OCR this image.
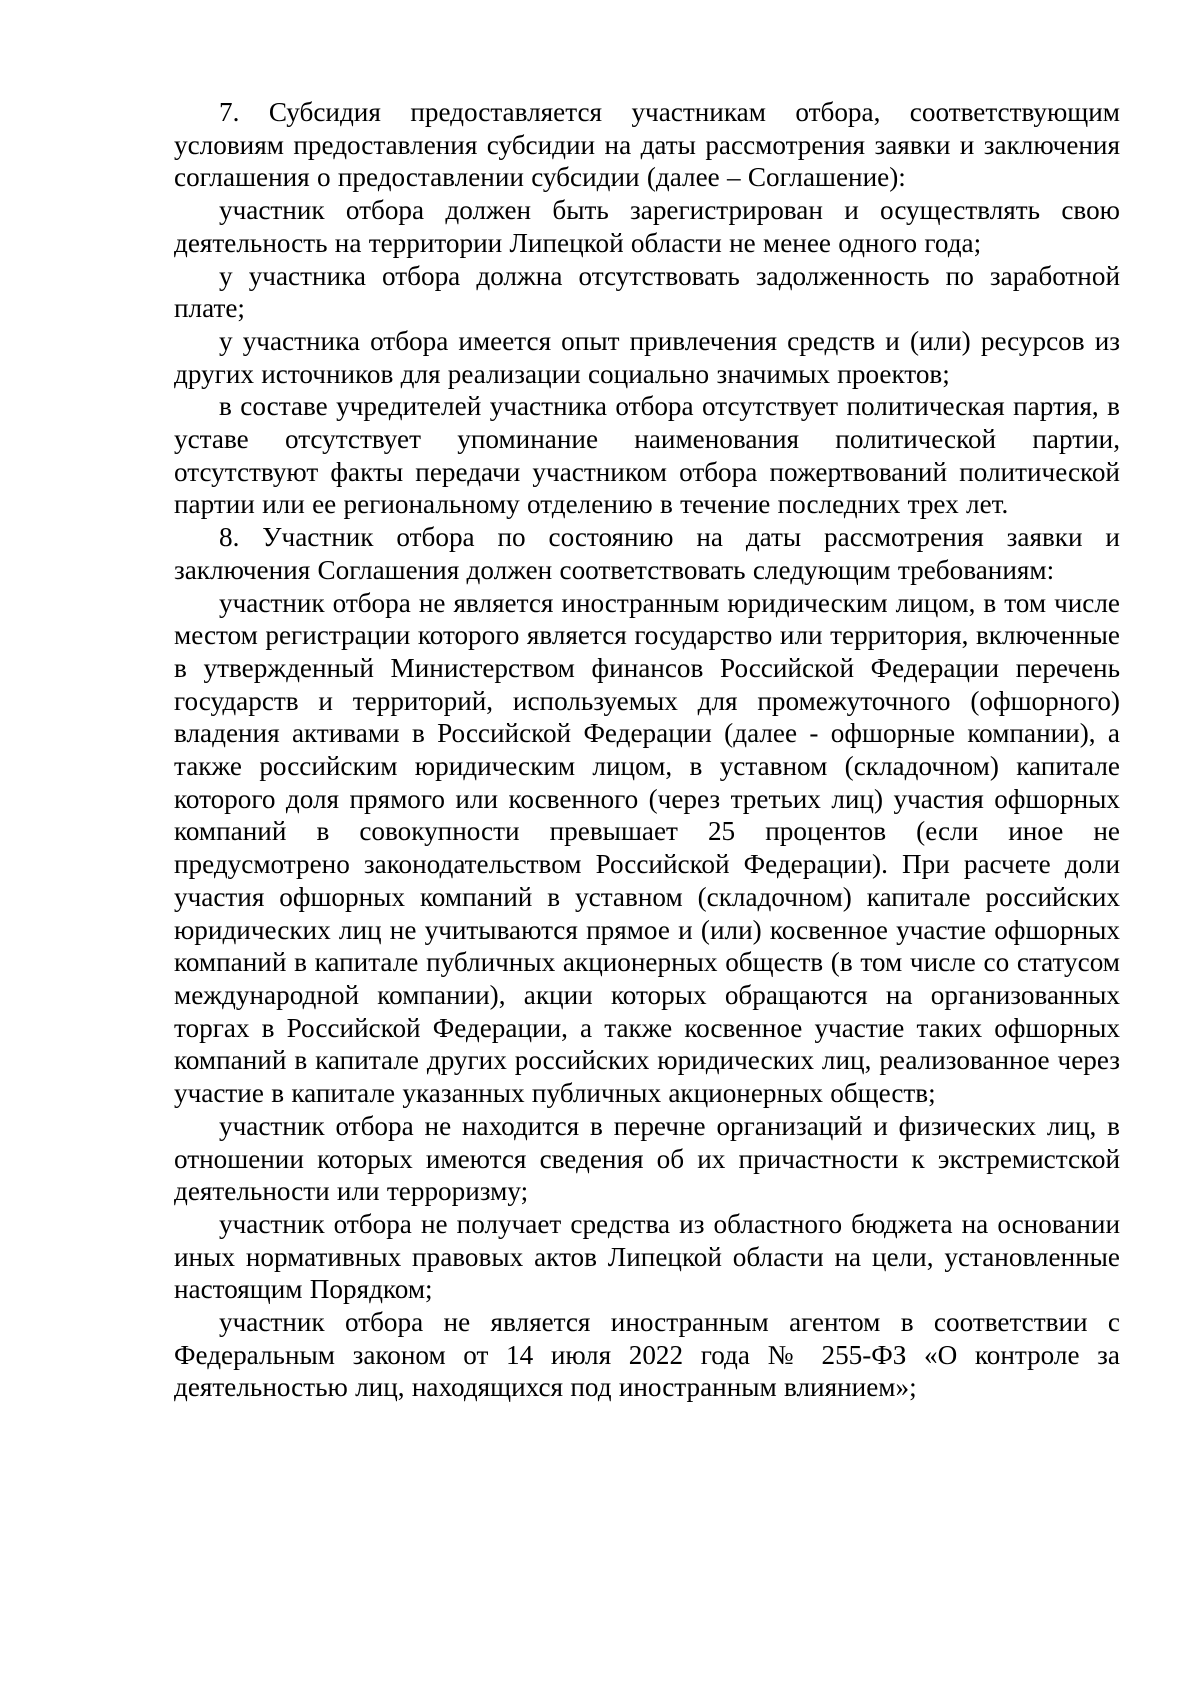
7. Субсидия предоставляется участникам отбора, соответствующим условиям предоставления субсидии на даты рассмотрения заявки и заключения соглашения о предоставлении субсидии (далее – Соглашение):

участник отбора должен быть зарегистрирован и осуществлять свою деятельность на территории Липецкой области не менее одного года;

у участника отбора должна отсутствовать задолженность по заработной плате;

у участника отбора имеется опыт привлечения средств и (или) ресурсов из других источников для реализации социально значимых проектов;

в составе учредителей участника отбора отсутствует политическая партия, в уставе отсутствует упоминание наименования политической партии, отсутствуют факты передачи участником отбора пожертвований политической партии или ее региональному отделению в течение последних трех лет.

8. Участник отбора по состоянию на даты рассмотрения заявки и заключения Соглашения должен соответствовать следующим требованиям:

участник отбора не является иностранным юридическим лицом, в том числе местом регистрации которого является государство или территория, включенные в утвержденный Министерством финансов Российской Федерации перечень государств и территорий, используемых для промежуточного (офшорного) владения активами в Российской Федерации (далее - офшорные компании), а также российским юридическим лицом, в уставном (складочном) капитале которого доля прямого или косвенного (через третьих лиц) участия офшорных компаний в совокупности превышает 25 процентов (если иное не предусмотрено законодательством Российской Федерации). При расчете доли участия офшорных компаний в уставном (складочном) капитале российских юридических лиц не учитываются прямое и (или) косвенное участие офшорных компаний в капитале публичных акционерных обществ (в том числе со статусом международной компании), акции которых обращаются на организованных торгах в Российской Федерации, а также косвенное участие таких офшорных компаний в капитале других российских юридических лиц, реализованное через участие в капитале указанных публичных акционерных обществ;

участник отбора не находится в перечне организаций и физических лиц, в отношении которых имеются сведения об их причастности к экстремистской деятельности или терроризму;

участник отбора не получает средства из областного бюджета на основании иных нормативных правовых актов Липецкой области на цели, установленные настоящим Порядком;

участник отбора не является иностранным агентом в соответствии с Федеральным законом от 14 июля 2022 года № 255-ФЗ «О контроле за деятельностью лиц, находящихся под иностранным влиянием»;
